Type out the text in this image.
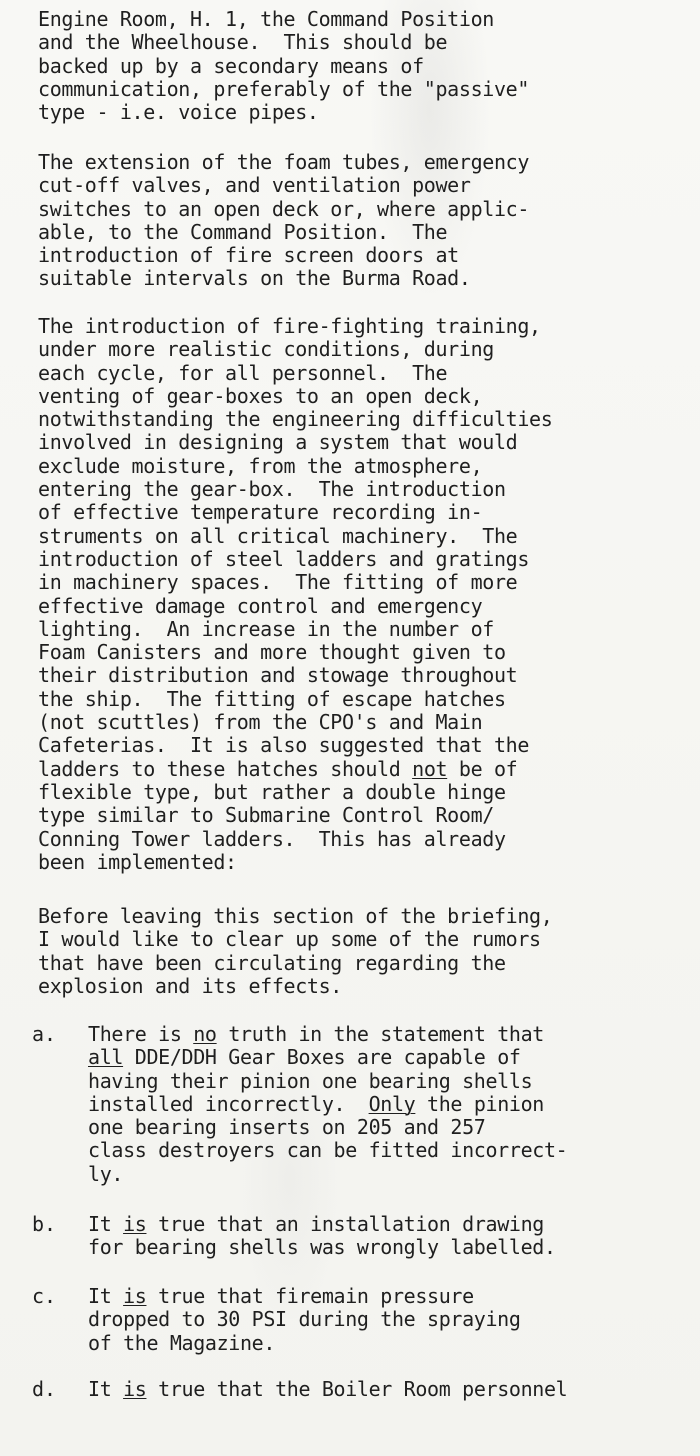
Engine Room, H. 1, the Command Position
and the Wheelhouse.  This should be
backed up by a secondary means of
communication, preferably of the "passive"
type - i.e. voice pipes.
The extension of the foam tubes, emergency
cut-off valves, and ventilation power
switches to an open deck or, where applic-
able, to the Command Position.  The
introduction of fire screen doors at
suitable intervals on the Burma Road.
The introduction of fire-fighting training,
under more realistic conditions, during
each cycle, for all personnel.  The
venting of gear-boxes to an open deck,
notwithstanding the engineering difficulties
involved in designing a system that would
exclude moisture, from the atmosphere,
entering the gear-box.  The introduction
of effective temperature recording in-
struments on all critical machinery.  The
introduction of steel ladders and gratings
in machinery spaces.  The fitting of more
effective damage control and emergency
lighting.  An increase in the number of
Foam Canisters and more thought given to
their distribution and stowage throughout
the ship.  The fitting of escape hatches
(not scuttles) from the CPO's and Main
Cafeterias.  It is also suggested that the
ladders to these hatches should not be of
flexible type, but rather a double hinge
type similar to Submarine Control Room/
Conning Tower ladders.  This has already
been implemented:
Before leaving this section of the briefing,
I would like to clear up some of the rumors
that have been circulating regarding the
explosion and its effects.
a.	There is no truth in the statement that
all DDE/DDH Gear Boxes are capable of
having their pinion one bearing shells
installed incorrectly.  Only the pinion
one bearing inserts on 205 and 257
class destroyers can be fitted incorrect-
ly.
b.	It is true that an installation drawing
for bearing shells was wrongly labelled.
c.	It is true that firemain pressure
dropped to 30 PSI during the spraying
of the Magazine.
d.	It is true that the Boiler Room personnel
